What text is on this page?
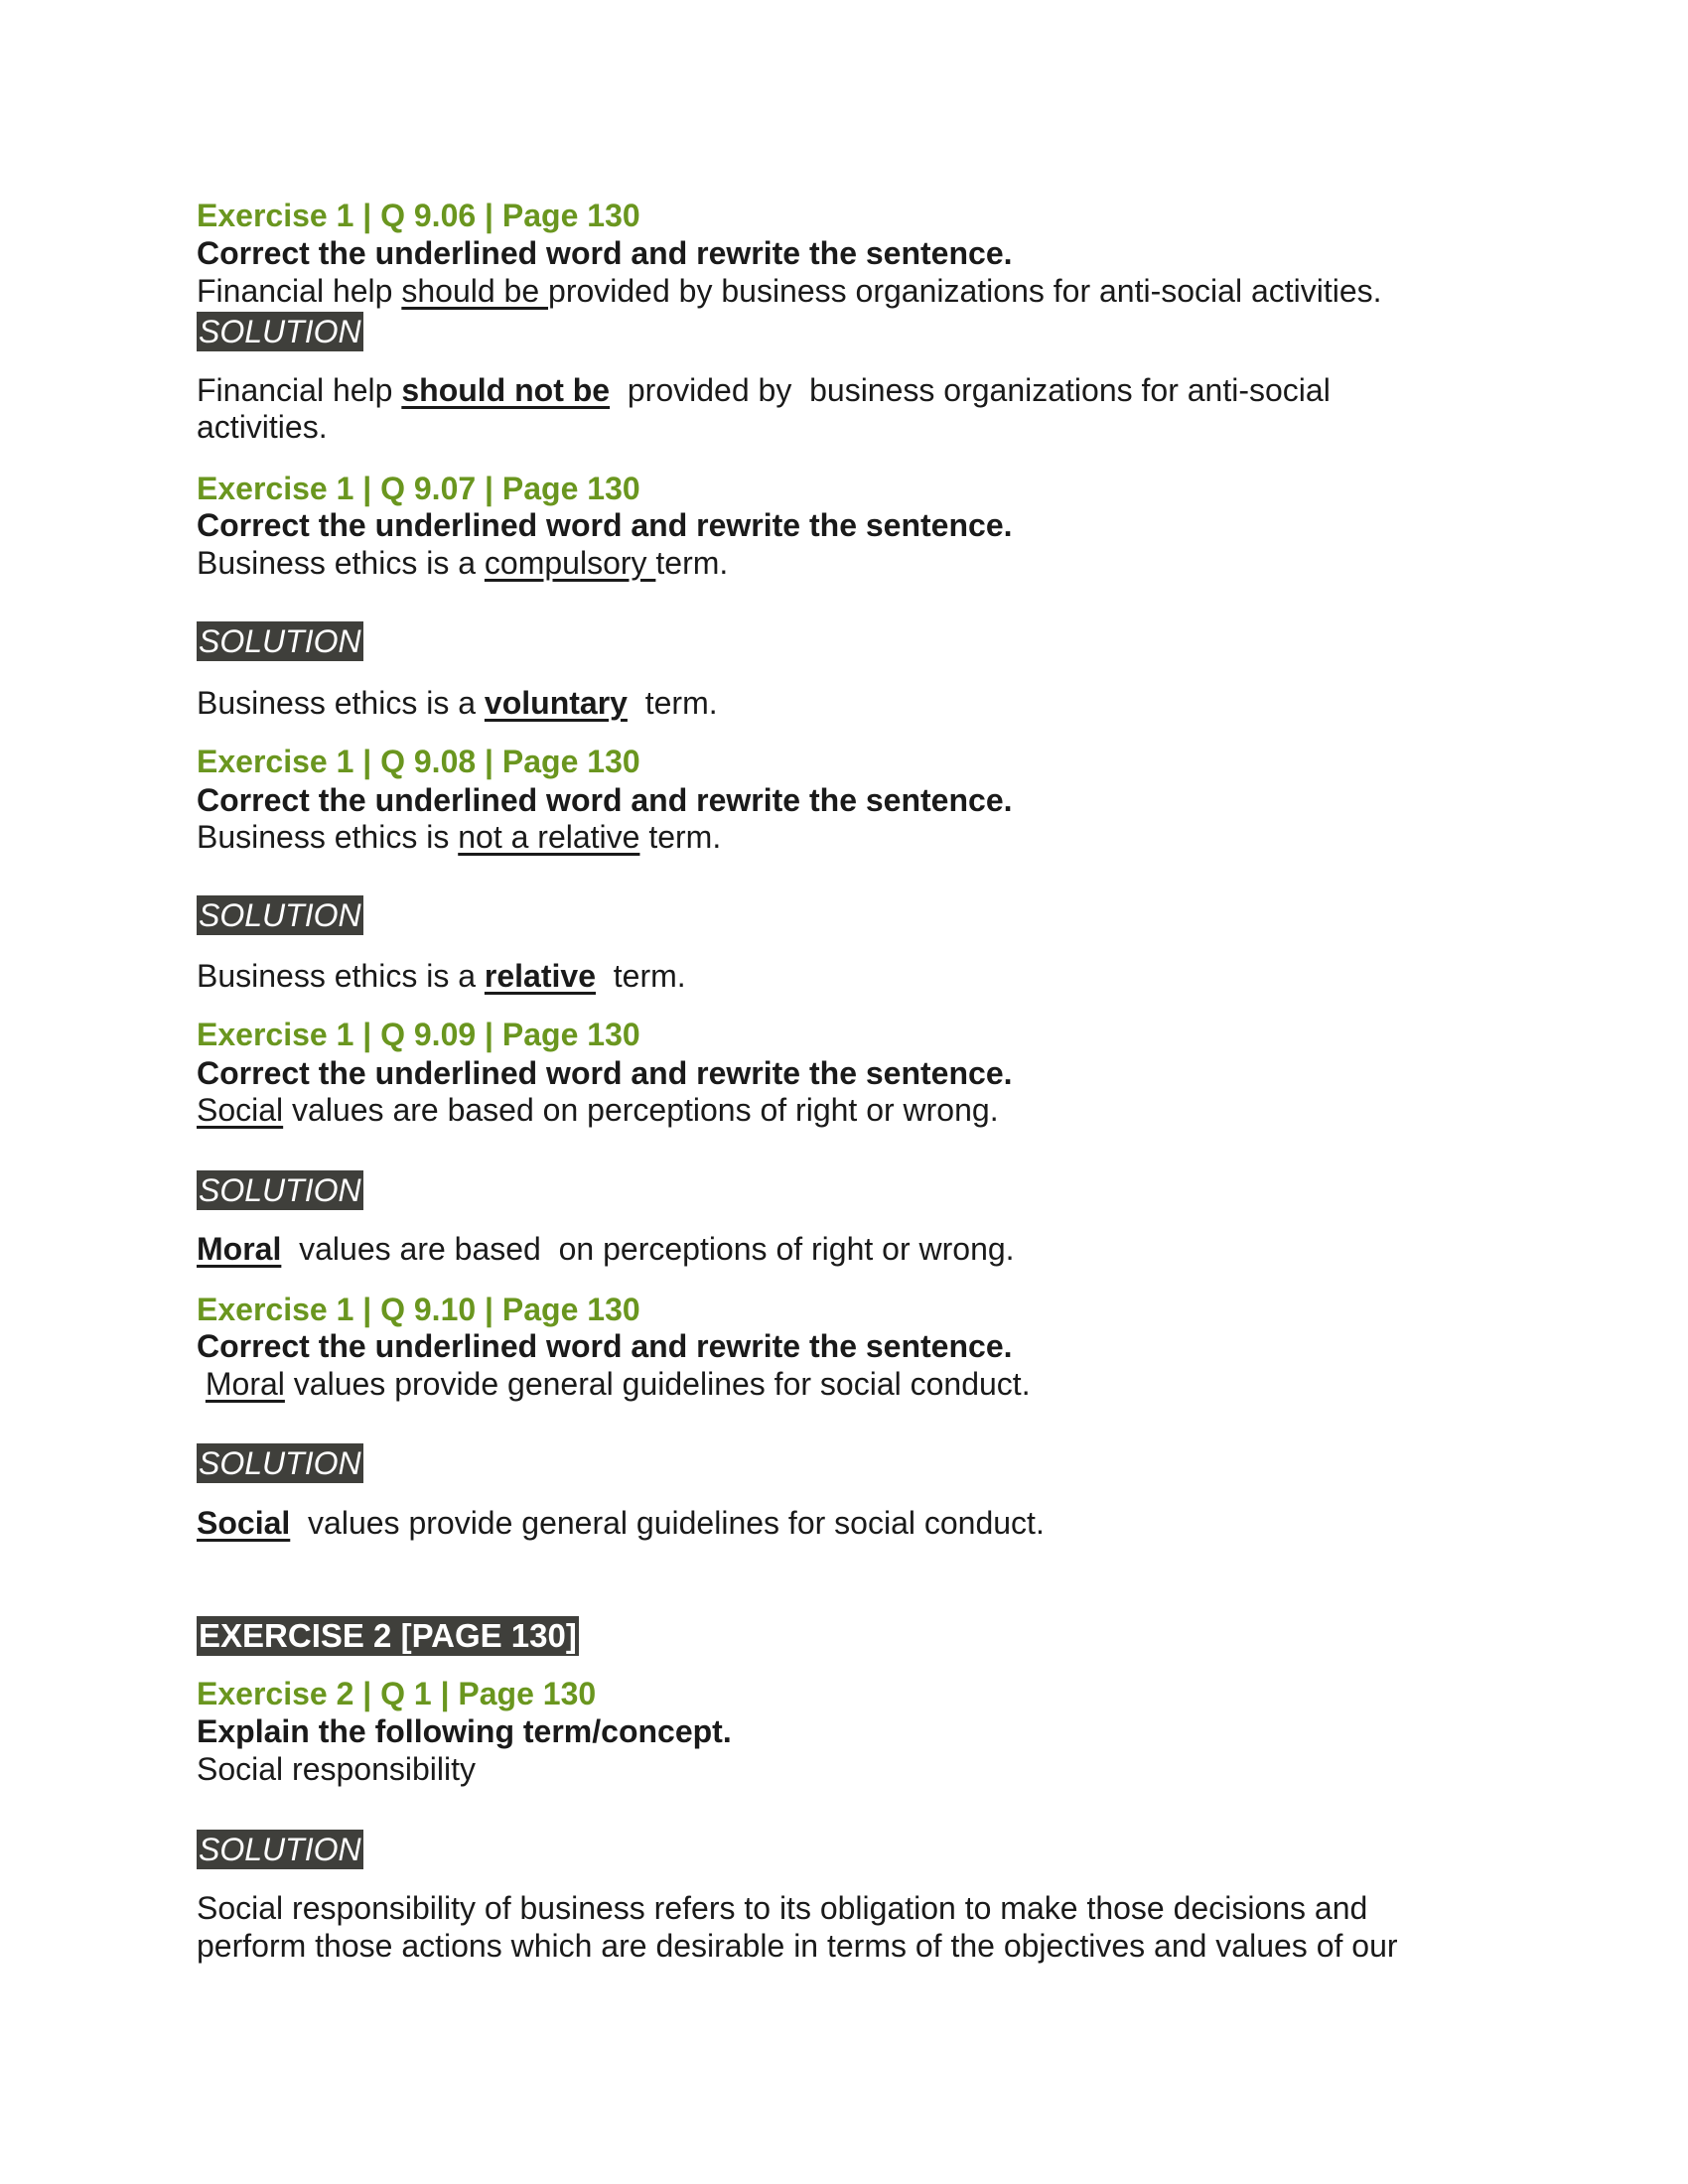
Exercise 1 | Q 9.06 | Page 130
Correct the underlined word and rewrite the sentence.
Financial help should be provided by business organizations for anti-social activities.
SOLUTION
Financial help should not be  provided by  business organizations for anti-social
activities.
Exercise 1 | Q 9.07 | Page 130
Correct the underlined word and rewrite the sentence.
Business ethics is a compulsory term.
SOLUTION
Business ethics is a voluntary  term.
Exercise 1 | Q 9.08 | Page 130
Correct the underlined word and rewrite the sentence.
Business ethics is not a relative term.
SOLUTION
Business ethics is a relative  term.
Exercise 1 | Q 9.09 | Page 130
Correct the underlined word and rewrite the sentence.
Social values are based on perceptions of right or wrong.
SOLUTION
Moral  values are based  on perceptions of right or wrong.
Exercise 1 | Q 9.10 | Page 130
Correct the underlined word and rewrite the sentence.
Moral values provide general guidelines for social conduct.
SOLUTION
Social  values provide general guidelines for social conduct.
EXERCISE 2 [PAGE 130]
Exercise 2 | Q 1 | Page 130
Explain the following term/concept.
Social responsibility
SOLUTION
Social responsibility of business refers to its obligation to make those decisions and
perform those actions which are desirable in terms of the objectives and values of our
